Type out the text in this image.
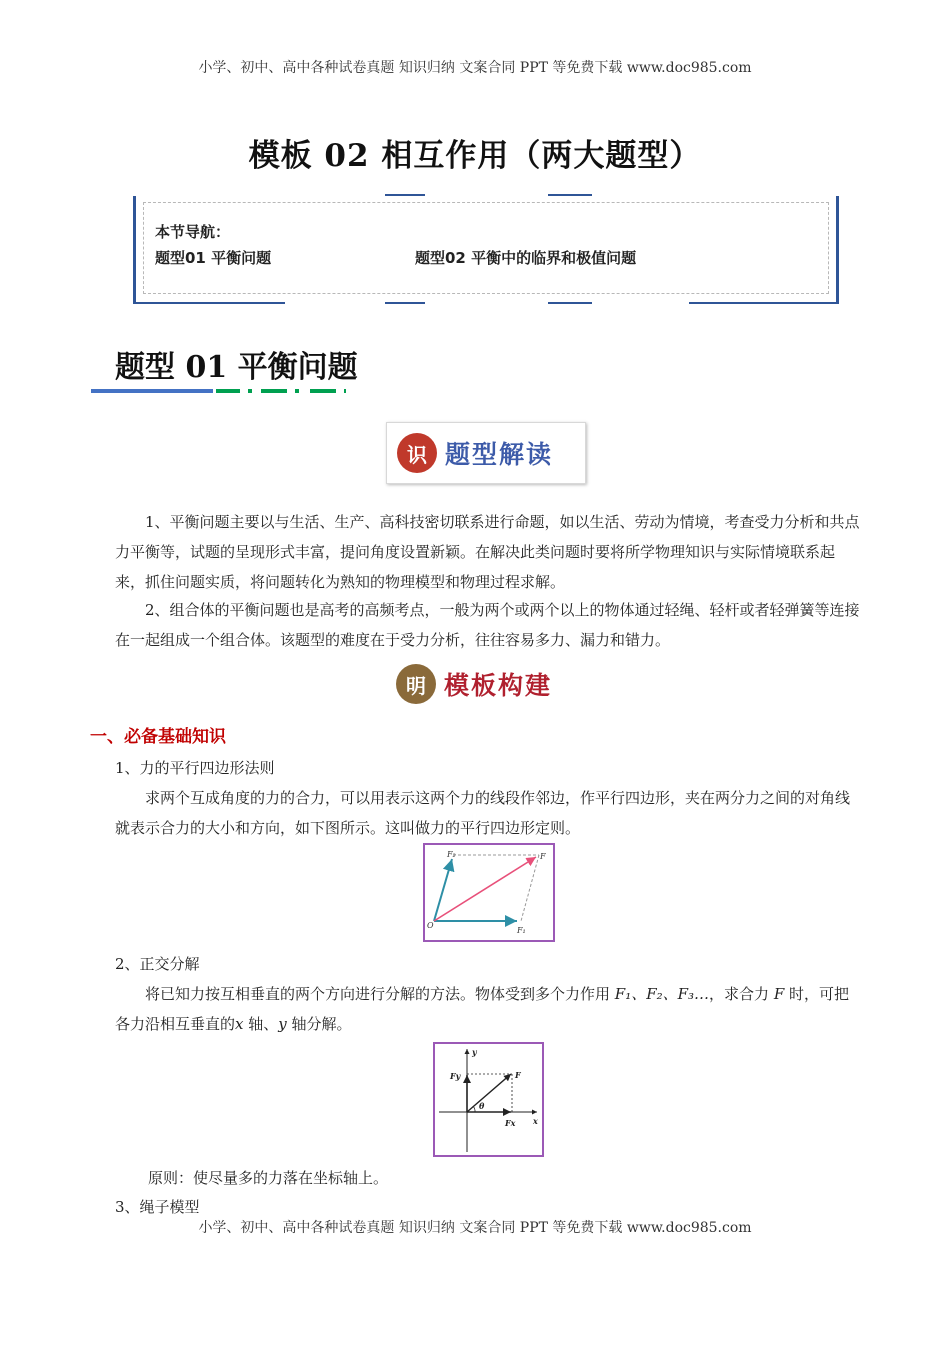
小学、初中、高中各种试卷真题 知识归纳 文案合同 PPT 等免费下载 www.doc985.com
模板 02 相互作用（两大题型）
本节导航：
题型01 平衡问题	题型02 平衡中的临界和极值问题
题型 01 平衡问题
识 题型解读
1、平衡问题主要以与生活、生产、高科技密切联系进行命题，如以生活、劳动为情境，考查受力分析和共点力平衡等，试题的呈现形式丰富，提问角度设置新颖。在解决此类问题时要将所学物理知识与实际情境联系起来，抓住问题实质，将问题转化为熟知的物理模型和物理过程求解。
2、组合体的平衡问题也是高考的高频考点，一般为两个或两个以上的物体通过轻绳、轻杆或者轻弹簧等连接在一起组成一个组合体。该题型的难度在于受力分析，往往容易多力、漏力和错力。
明 模板构建
一、必备基础知识
1、力的平行四边形法则
求两个互成角度的力的合力，可以用表示这两个力的线段作邻边，作平行四边形，夹在两分力之间的对角线就表示合力的大小和方向，如下图所示。这叫做力的平行四边形定则。
F₂	F
O
F₁
2、正交分解
将已知力按互相垂直的两个方向进行分解的方法。物体受到多个力作用 F₁、F₂、F₃…，求合力 F 时，可把各力沿相互垂直的x 轴、y 轴分解。
y
x
Fy	F
θ
Fx
原则：使尽量多的力落在坐标轴上。
3、绳子模型
小学、初中、高中各种试卷真题 知识归纳 文案合同 PPT 等免费下载 www.doc985.com
